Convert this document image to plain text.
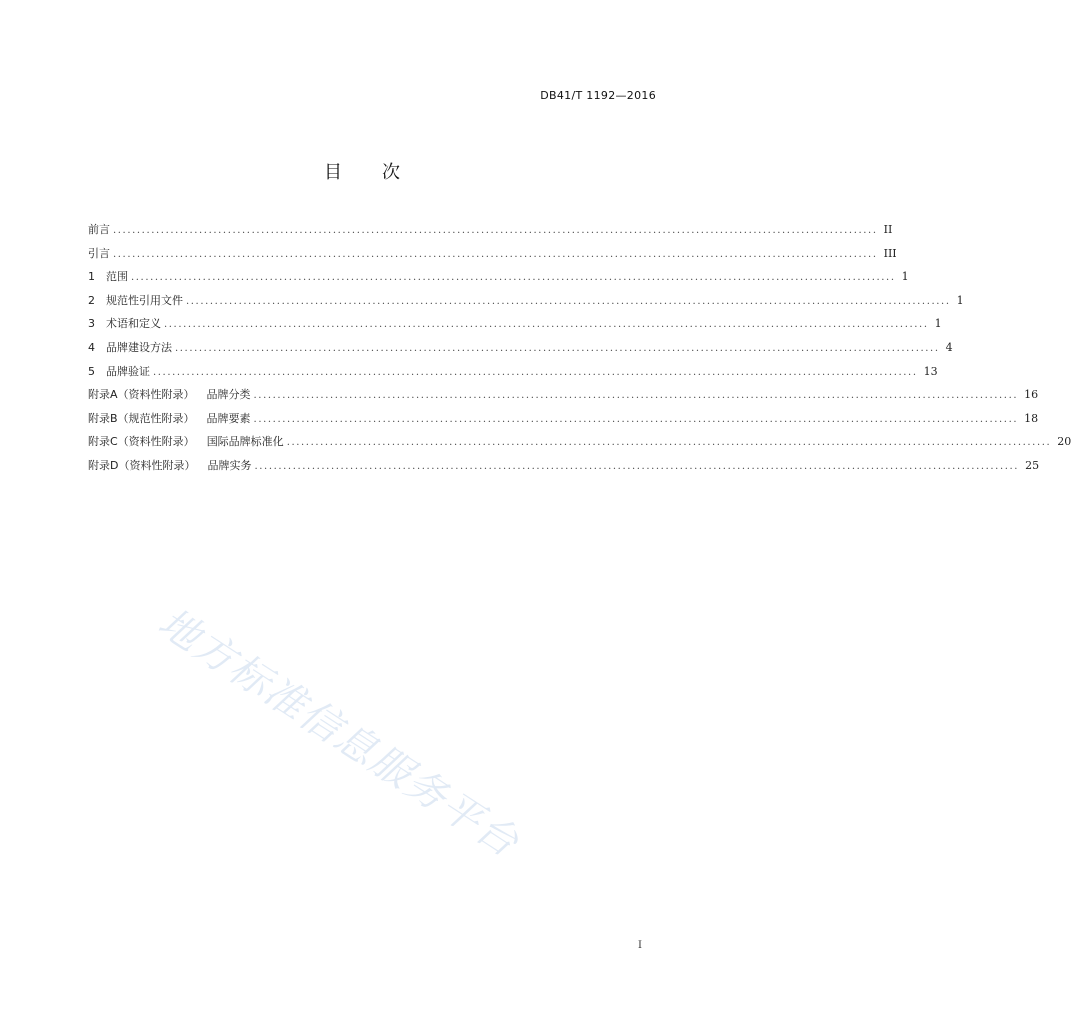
DB41/T 1192—2016
目次
前言 ................................................................................................................................................................ II
引言 ................................................................................................................................................................ III
1 范围 ................................................................................................................................................................ 1
2 规范性引用文件 ................................................................................................................................................................ 1
3 术语和定义 ................................................................................................................................................................ 1
4 品牌建设方法 ................................................................................................................................................................ 4
5 品牌验证 ................................................................................................................................................................ 13
附录A（资料性附录） 品牌分类 ................................................................................................................................................................ 16
附录B（规范性附录） 品牌要素 ................................................................................................................................................................ 18
附录C（资料性附录） 国际品牌标准化 ................................................................................................................................................................ 20
附录D（资料性附录） 品牌实务 ................................................................................................................................................................ 25
地方标准信息服务平台
I
